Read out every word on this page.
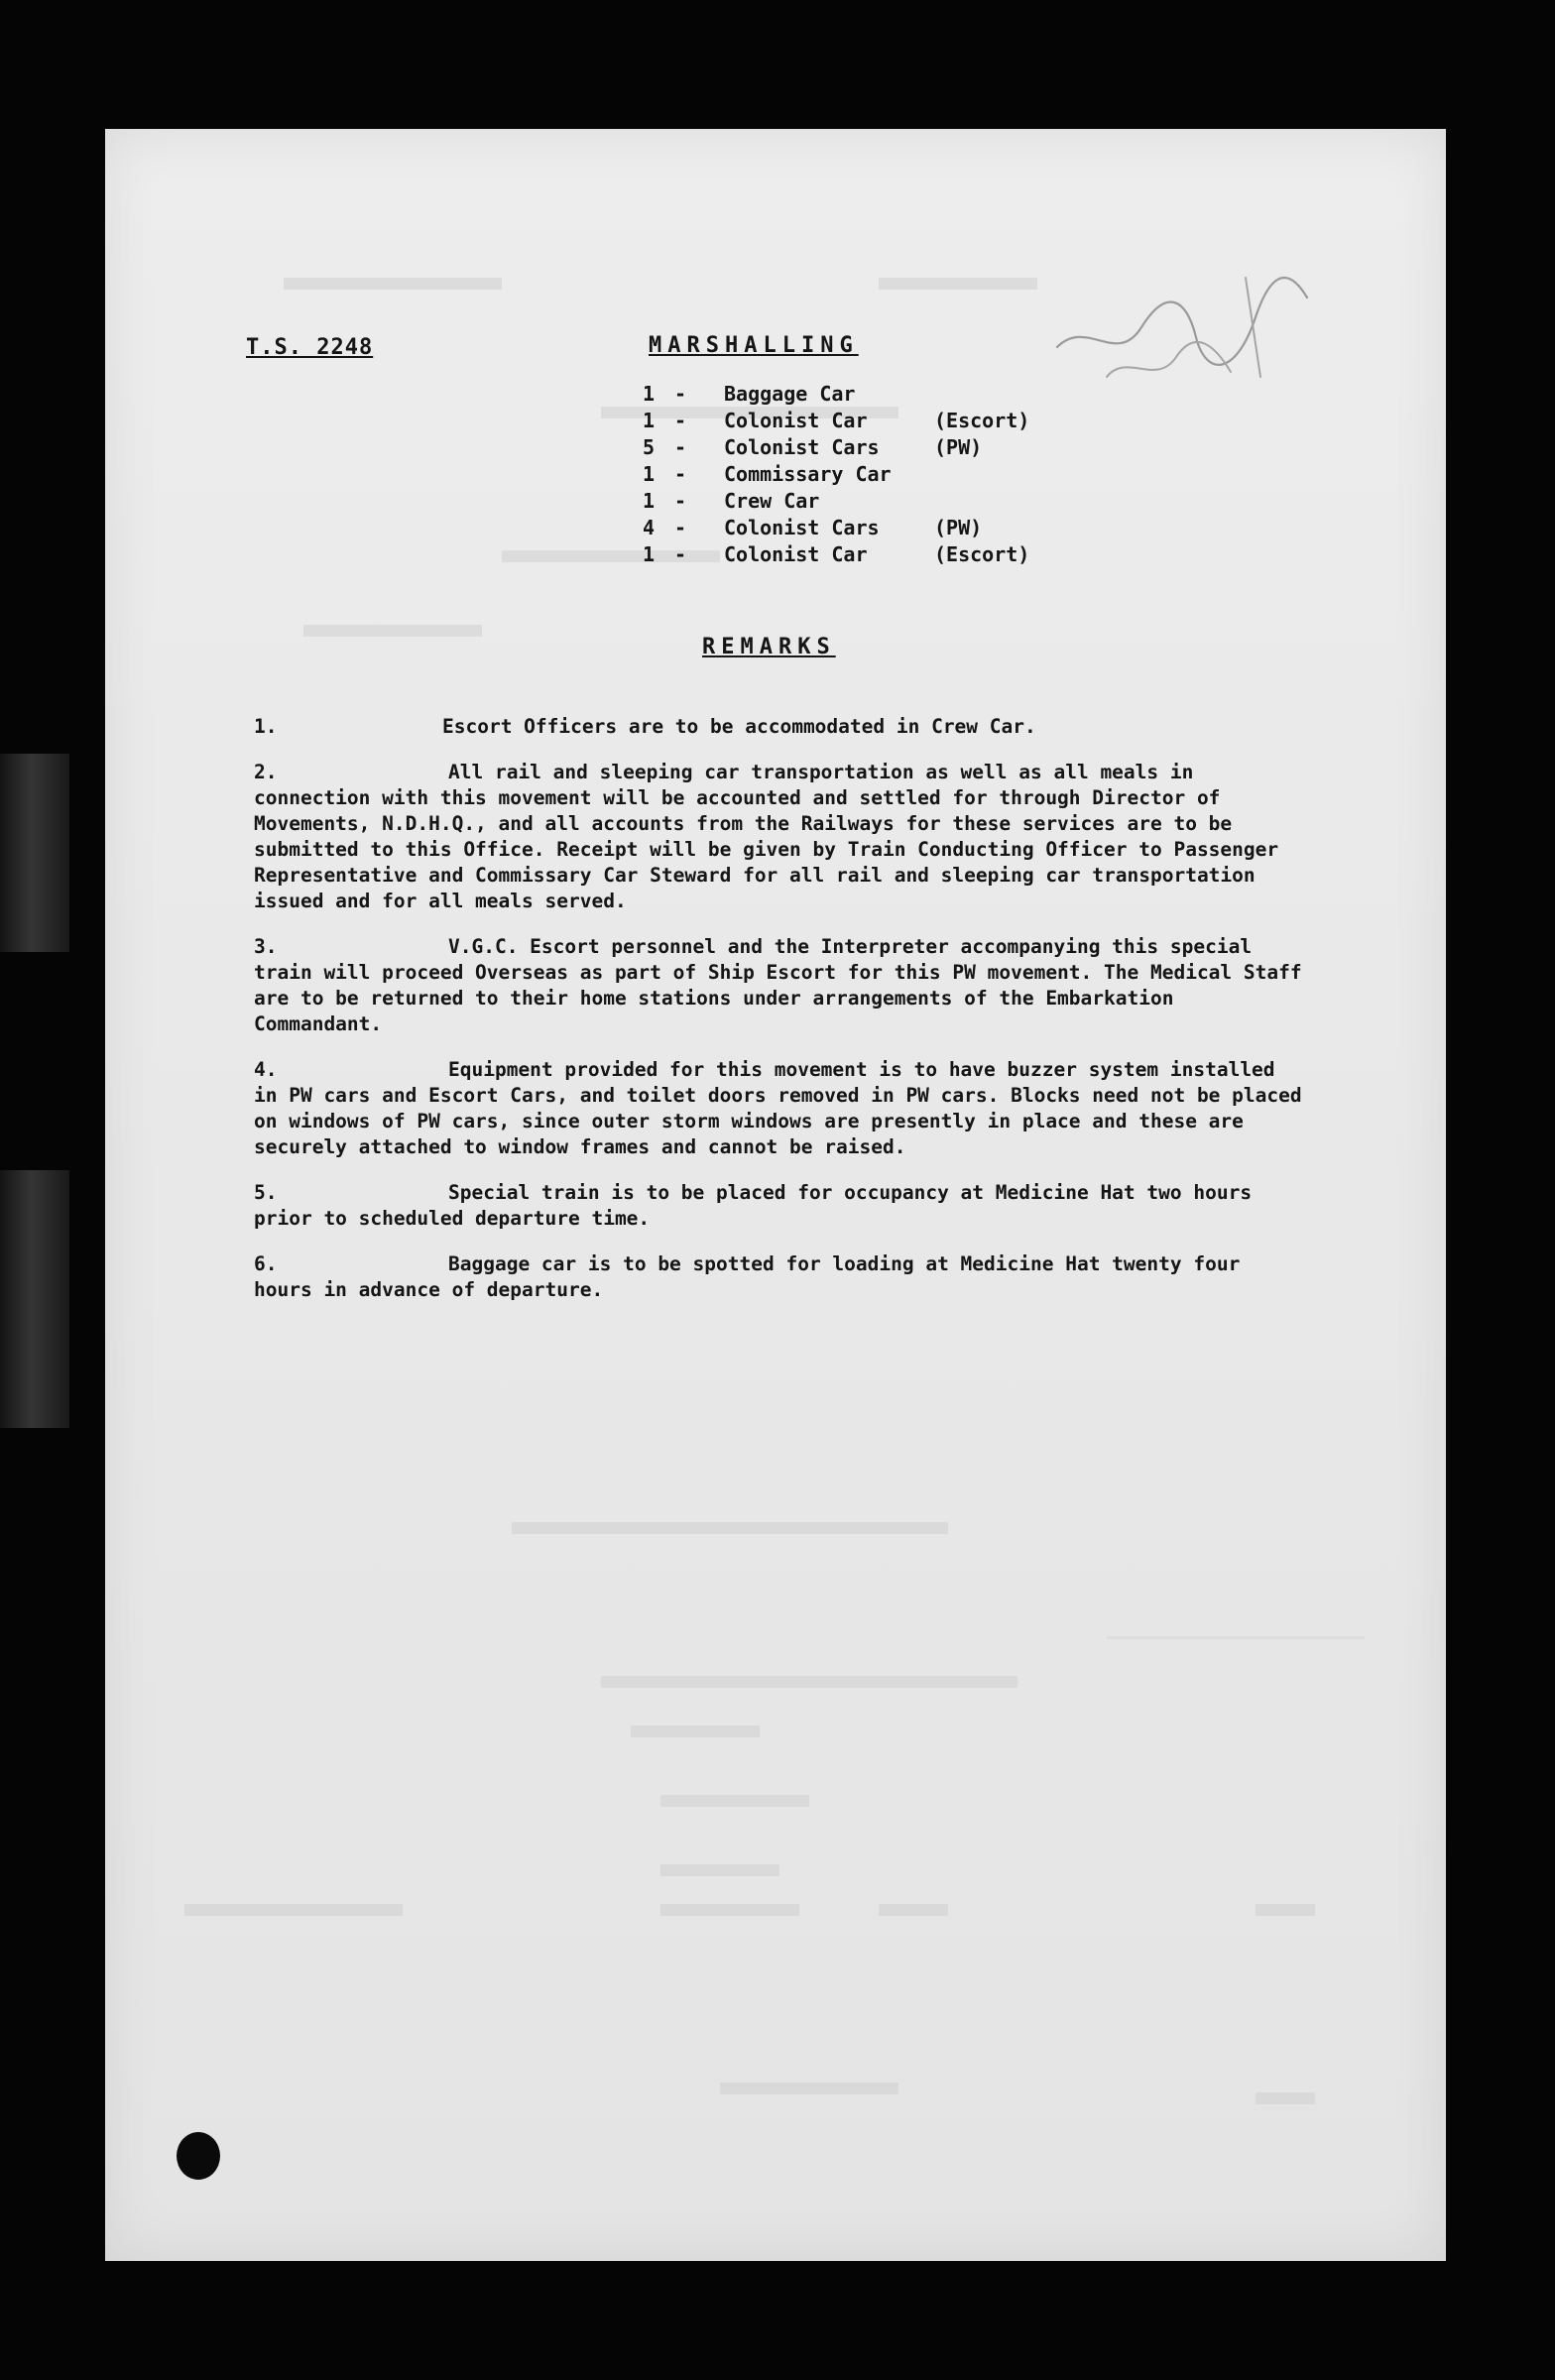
T.S. 2248	MARSHALLING
1 -	Baggage Car
1 -	Colonist Car	(Escort)
5 -	Colonist Cars	(PW)
1 -	Commissary Car
1 -	Crew Car
4 -	Colonist Cars	(PW)
1 -	Colonist Car	(Escort)
REMARKS

1.	Escort Officers are to be accommodated in Crew Car.

2.	All rail and sleeping car transportation as well as all meals in connection with this movement will be accounted and settled for through Director of Movements, N.D.H.Q., and all accounts from the Railways for these services are to be submitted to this Office. Receipt will be given by Train Conducting Officer to Passenger Representative and Commissary Car Steward for all rail and sleeping car transportation issued and for all meals served.

3.	V.G.C. Escort personnel and the Interpreter accompanying this special train will proceed Overseas as part of Ship Escort for this PW movement. The Medical Staff are to be returned to their home stations under arrangements of the Embarkation Commandant.

4.	Equipment provided for this movement is to have buzzer system installed in PW cars and Escort Cars, and toilet doors removed in PW cars. Blocks need not be placed on windows of PW cars, since outer storm windows are presently in place and these are securely attached to window frames and cannot be raised.

5.	Special train is to be placed for occupancy at Medicine Hat two hours prior to scheduled departure time.

6.	Baggage car is to be spotted for loading at Medicine Hat twenty four hours in advance of departure.
